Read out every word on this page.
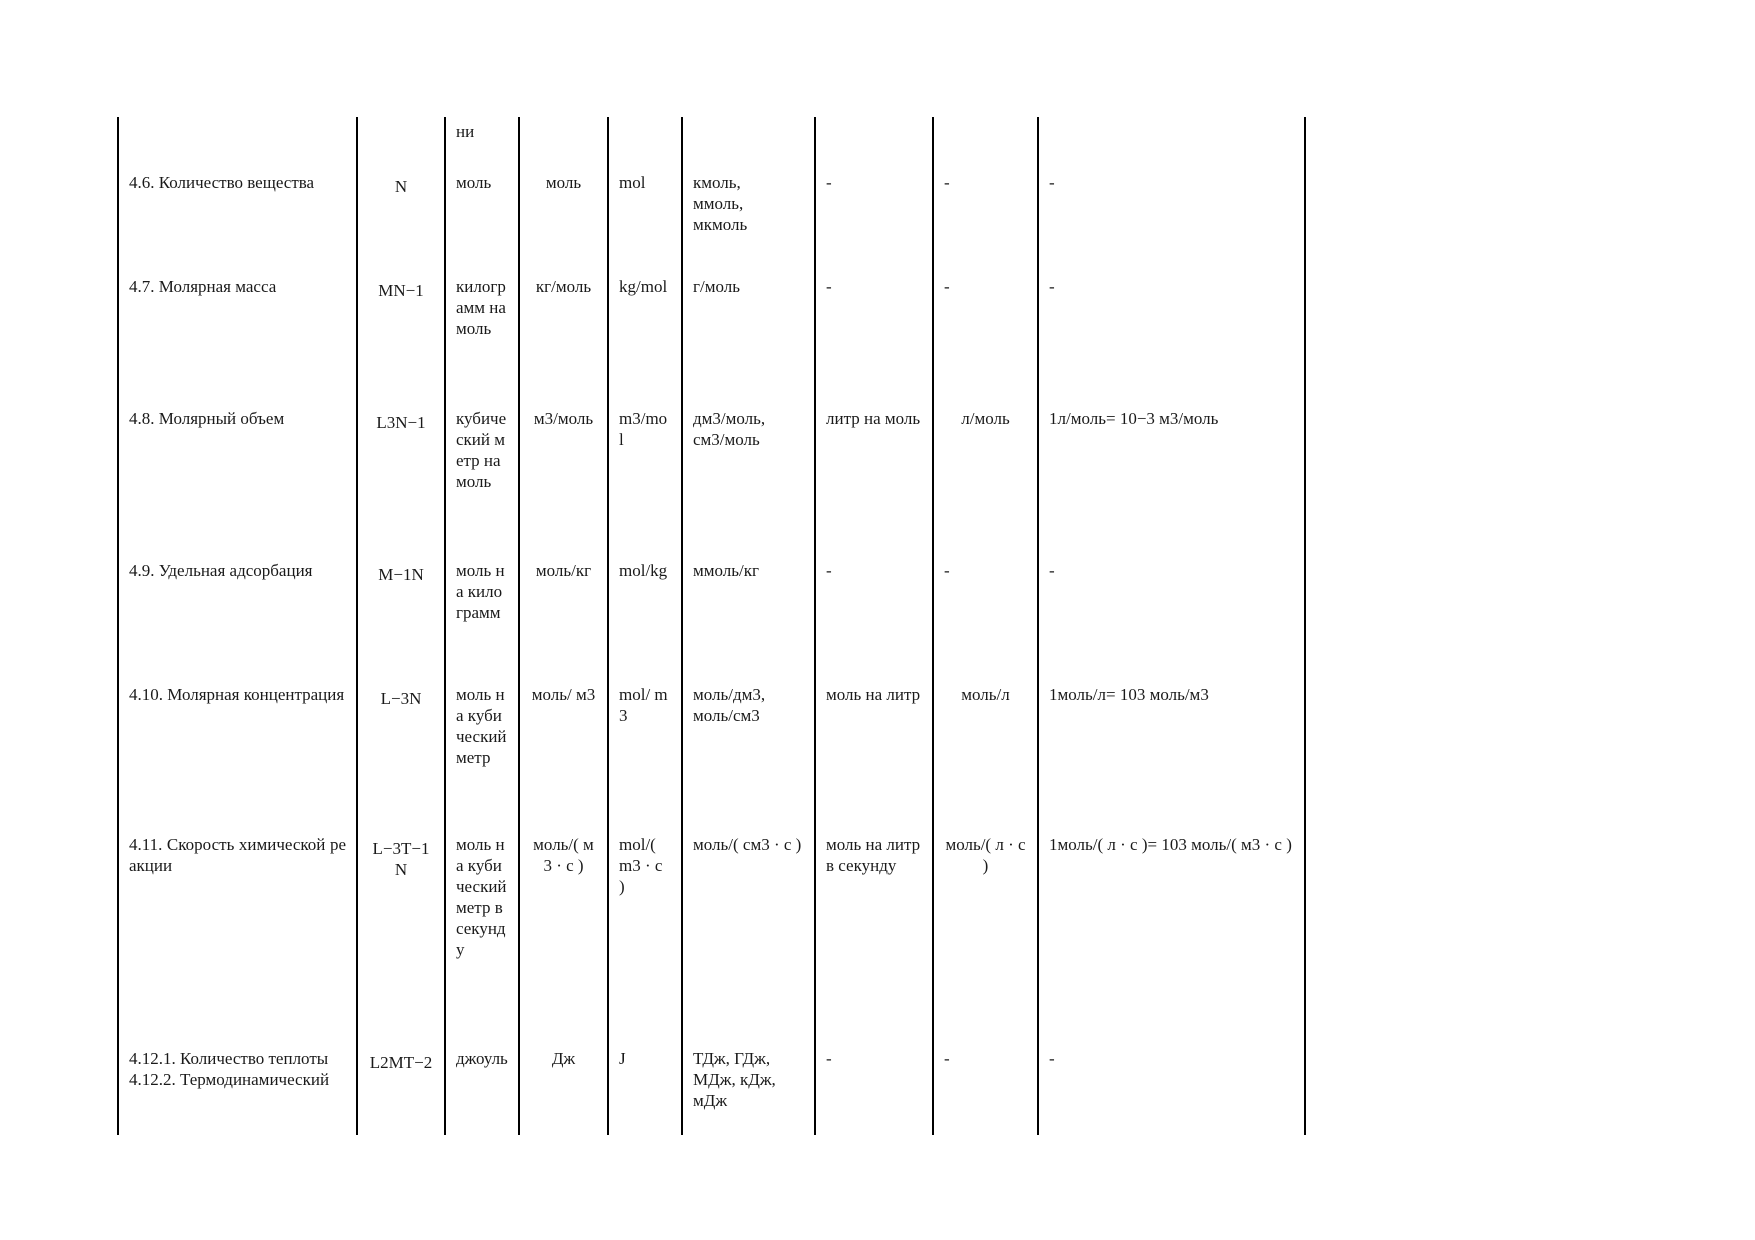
		ни						
4.6. Количество вещества	N	моль	моль	mol	кмоль,
ммоль,
мкмоль	-	-	-
4.7. Молярная масса	MN−1	килограмм на моль	кг/моль	kg/mol	г/моль	-	-	-
4.8. Молярный объем	L3N−1	кубический метр на моль	м3/моль	m3/mol	дм3/моль,
см3/моль	литр на моль	л/моль	1л/моль= 10−3 м3/моль
4.9. Удельная адсорбация	M−1N	моль на килограмм	моль/кг	mol/kg	ммоль/кг	-	-	-
4.10. Молярная концентрация	L−3N	моль на кубический метр	моль/ м3	mol/ m3	моль/дм3,
моль/см3	моль на литр	моль/л	1моль/л= 103 моль/м3
4.11. Скорость химической реакции	L−3T−1N	моль на кубический метр в секунду	моль/( м3 · с )	mol/( m3 · c )	моль/( см3 · с )	моль на литр в секунду	моль/( л · с )	1моль/( л · с )= 103 моль/( м3 · с )
4.12.1. Количество теплоты
4.12.2. Термодинамический	L2MT−2	джоуль	Дж	J	ТДж, ГДж,
МДж, кДж,
мДж	-	-	-
